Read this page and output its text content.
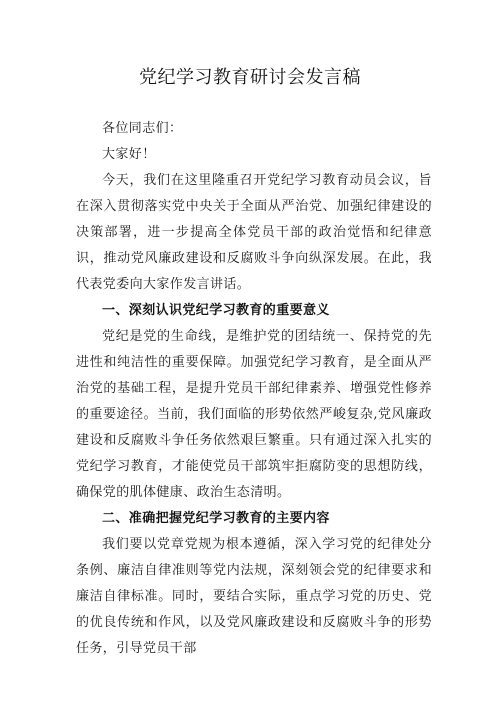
党纪学习教育研讨会发言稿

各位同志们：

大家好！

今天，我们在这里隆重召开党纪学习教育动员会议，旨在深入贯彻落实党中央关于全面从严治党、加强纪律建设的决策部署，进一步提高全体党员干部的政治觉悟和纪律意识，推动党风廉政建设和反腐败斗争向纵深发展。在此，我代表党委向大家作发言讲话。

一、深刻认识党纪学习教育的重要意义

党纪是党的生命线，是维护党的团结统一、保持党的先进性和纯洁性的重要保障。加强党纪学习教育，是全面从严治党的基础工程，是提升党员干部纪律素养、增强党性修养的重要途径。当前，我们面临的形势依然严峻复杂,党风廉政建设和反腐败斗争任务依然艰巨繁重。只有通过深入扎实的党纪学习教育，才能使党员干部筑牢拒腐防变的思想防线，确保党的肌体健康、政治生态清明。

二、准确把握党纪学习教育的主要内容

我们要以党章党规为根本遵循，深入学习党的纪律处分条例、廉洁自律准则等党内法规，深刻领会党的纪律要求和廉洁自律标准。同时，要结合实际，重点学习党的历史、党的优良传统和作风，以及党风廉政建设和反腐败斗争的形势任务，引导党员干部
